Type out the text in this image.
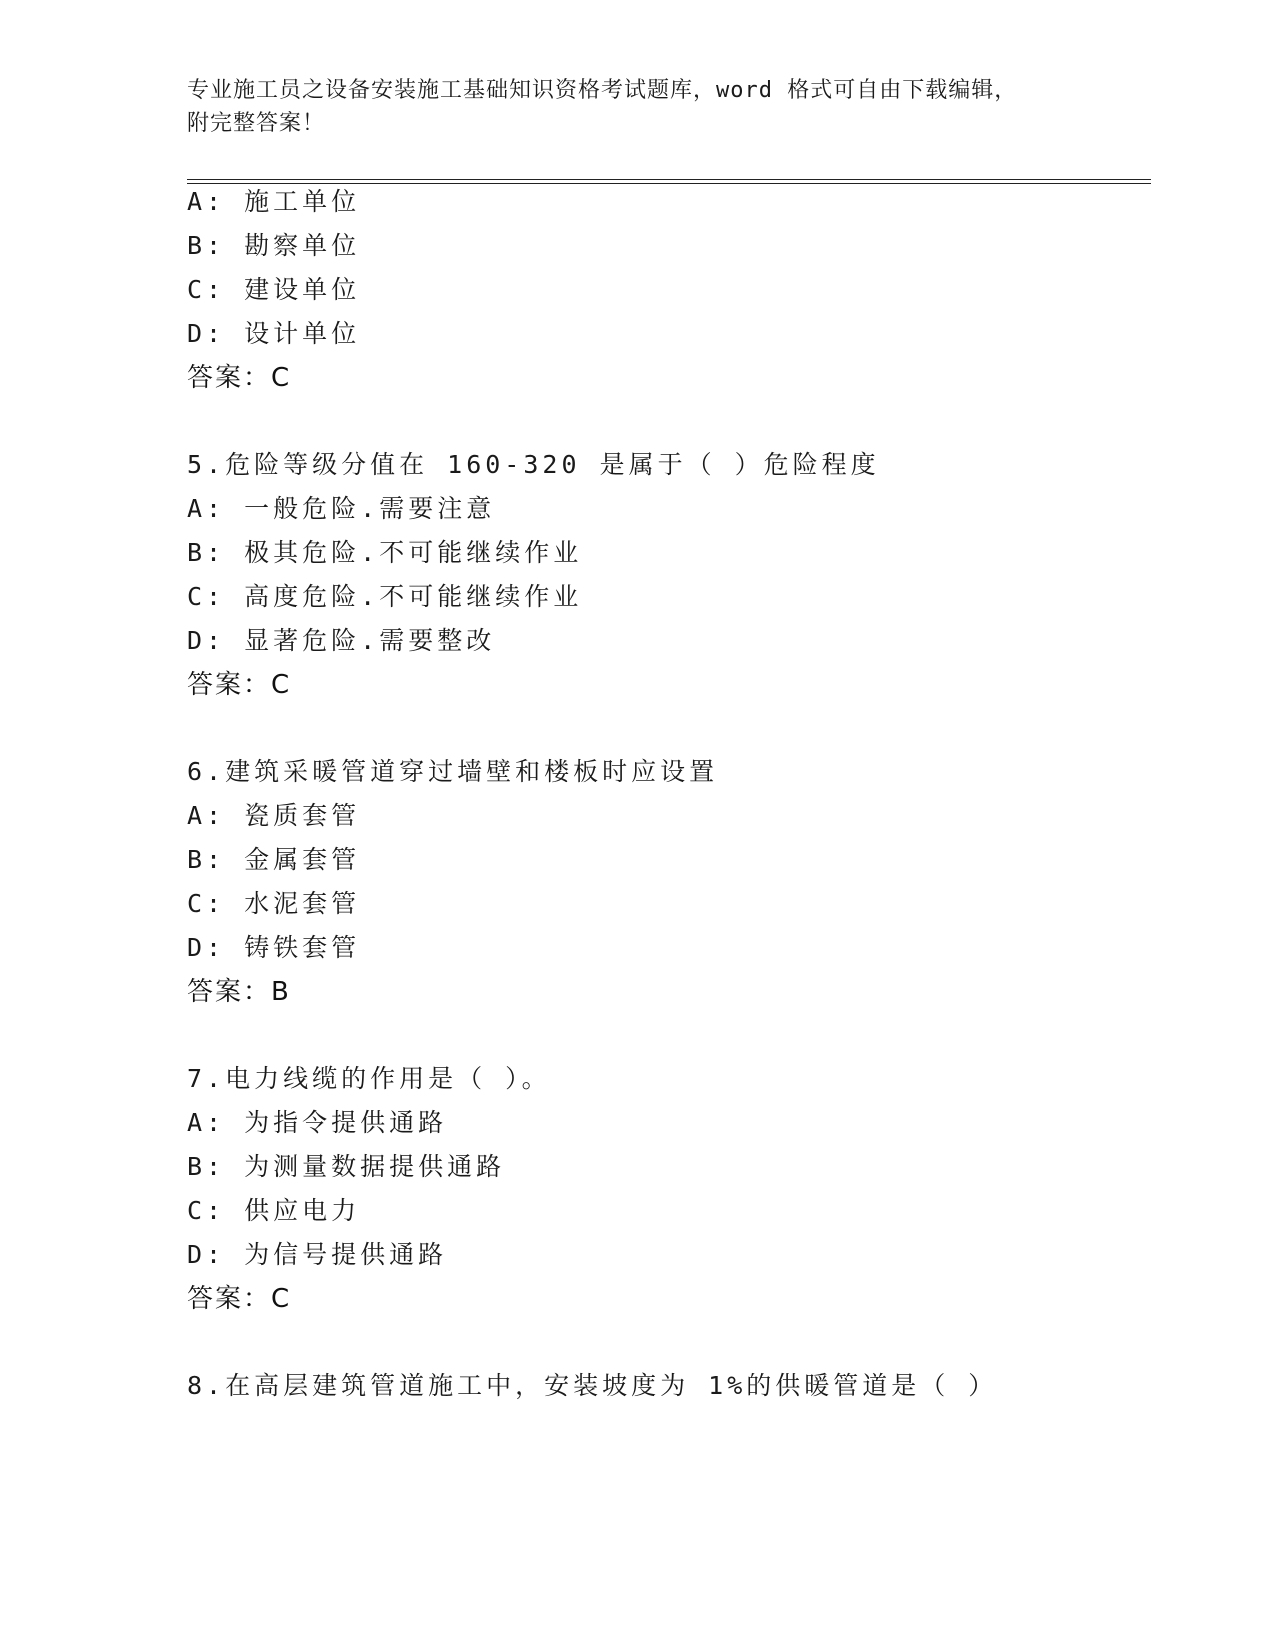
专业施工员之设备安装施工基础知识资格考试题库，word 格式可自由下载编辑，
附完整答案！
A: 施工单位
B: 勘察单位
C: 建设单位
D: 设计单位
答案：C
5.危险等级分值在 160-320 是属于（ ）危险程度
A: 一般危险.需要注意
B: 极其危险.不可能继续作业
C: 高度危险.不可能继续作业
D: 显著危险.需要整改
答案：C
6.建筑采暖管道穿过墙壁和楼板时应设置
A: 瓷质套管
B: 金属套管
C: 水泥套管
D: 铸铁套管
答案：B
7.电力线缆的作用是（ ）。
A: 为指令提供通路
B: 为测量数据提供通路
C: 供应电力
D: 为信号提供通路
答案：C
8.在高层建筑管道施工中，安装坡度为 1%的供暖管道是（ ）
